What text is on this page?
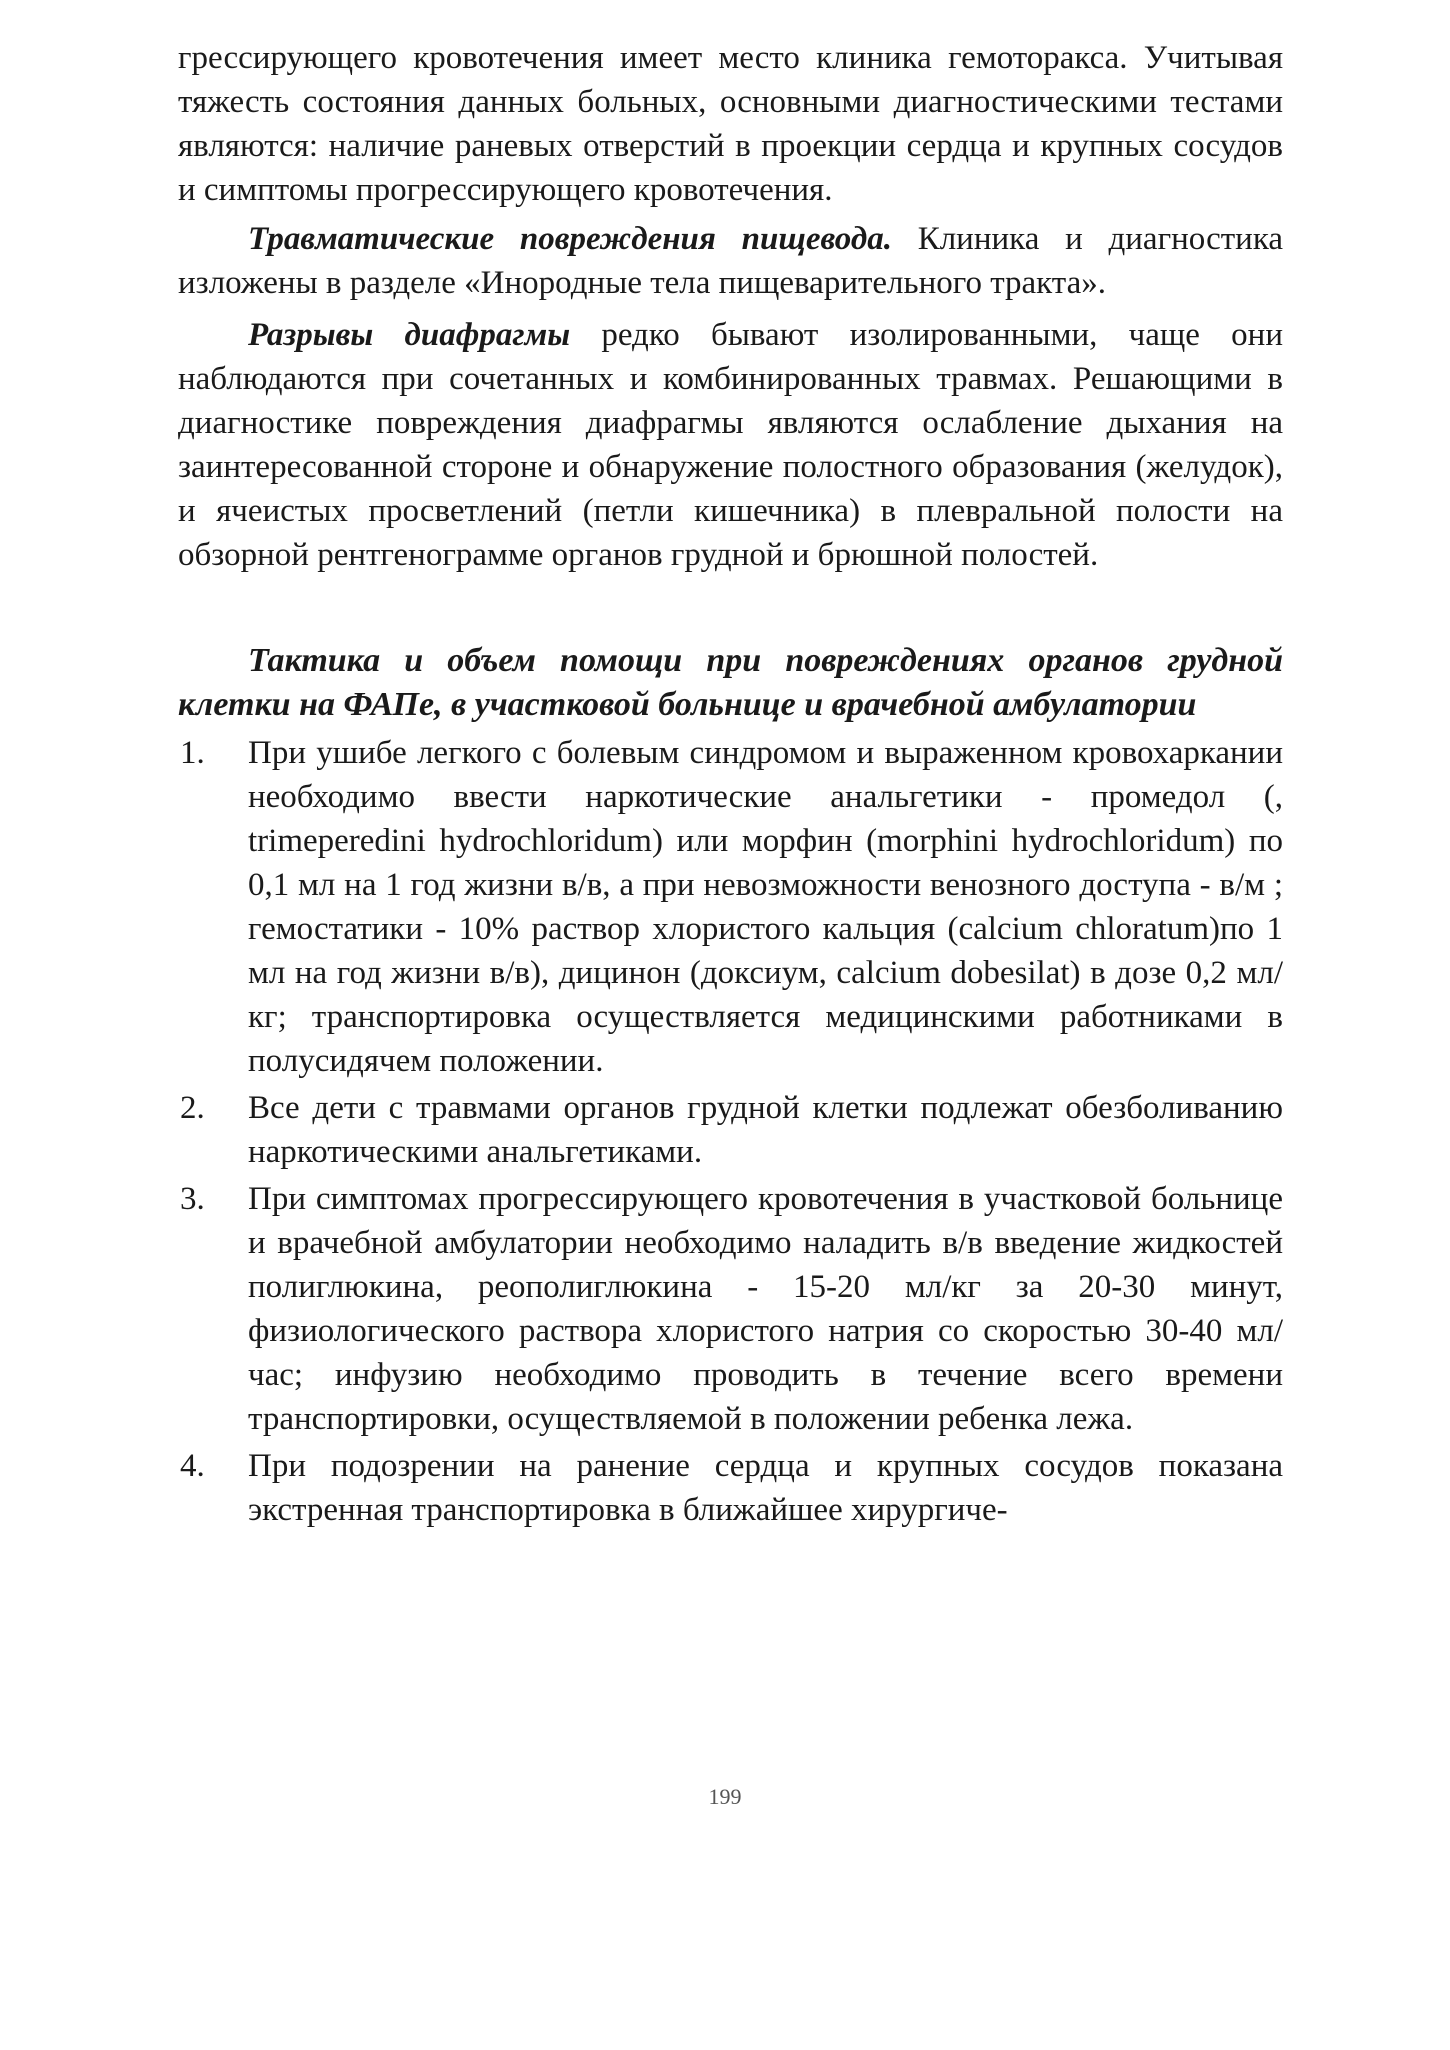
грессирующего кровотечения имеет место клиника гемоторакса. Учитывая тяжесть состояния данных больных, основными диагностическими тестами являются: наличие раневых отверстий в проекции сердца и крупных сосудов и симптомы прогрессирующего кровотечения.

Травматические повреждения пищевода. Клиника и диагностика изложены в разделе «Инородные тела пищеварительного тракта».

Разрывы диафрагмы редко бывают изолированными, чаще они наблюдаются при сочетанных и комбинированных травмах. Решающими в диагностике повреждения диафрагмы являются ослабление дыхания на заинтересованной стороне и обнаружение полостного образования (желудок), и ячеистых просветлений (петли кишечника) в плевральной полости на обзорной рентгенограмме органов грудной и брюшной полостей.

Тактика и объем помощи при повреждениях органов грудной клетки на ФАПе, в участковой больнице и врачебной амбулатории
1. При ушибе легкого с болевым синдромом и выраженном кровохаркании необходимо ввести наркотические анальгетики - промедол (, trimeperedini hydrochloridum) или морфин (morphini hydrochloridum) по 0,1 мл на 1 год жизни в/в, а при невозможности венозного доступа - в/м ; гемостатики - 10% раствор хлористого кальция (calcium chloratum)по 1 мл на год жизни в/в), дицинон (доксиум, calcium dobesilat) в дозе 0,2 мл/кг; транспортировка осуществляется медицинскими работниками в полусидячем положении.
2. Все дети с травмами органов грудной клетки подлежат обезболиванию наркотическими анальгетиками.
3. При симптомах прогрессирующего кровотечения в участковой больнице и врачебной амбулатории необходимо наладить в/в введение жидкостей полиглюкина, реополиглюкина - 15-20 мл/кг за 20-30 минут, физиологического раствора хлористого натрия со скоростью 30-40 мл/час; инфузию необходимо проводить в течение всего времени транспортировки, осуществляемой в положении ребенка лежа.
4. При подозрении на ранение сердца и крупных сосудов показана экстренная транспортировка в ближайшее хирургиче-
199
